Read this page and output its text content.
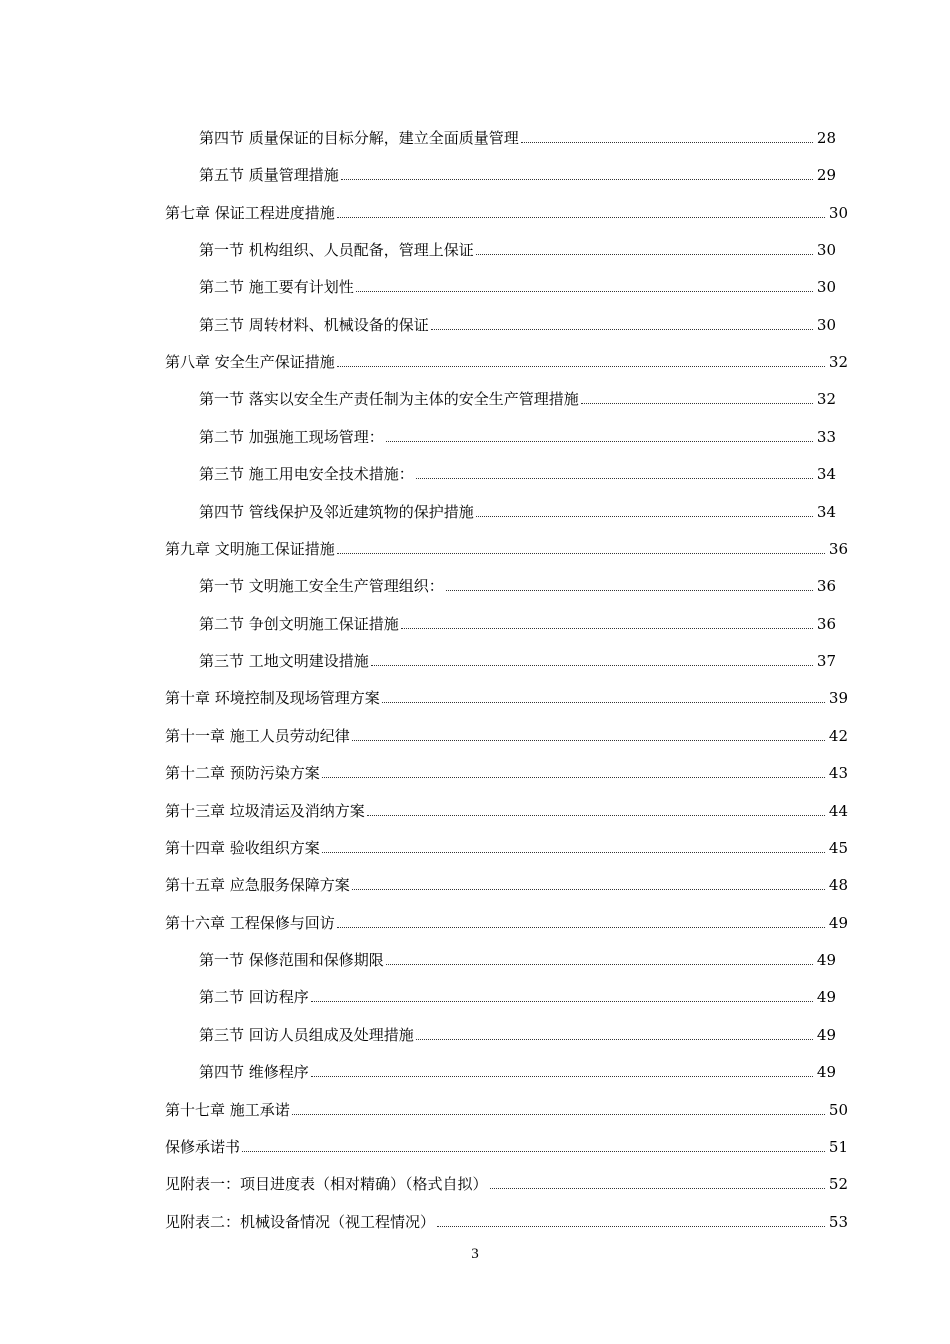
第四节 质量保证的目标分解，建立全面质量管理	28
第五节 质量管理措施	29
第七章 保证工程进度措施	30
第一节 机构组织、人员配备，管理上保证	30
第二节 施工要有计划性	30
第三节 周转材料、机械设备的保证	30
第八章 安全生产保证措施	32
第一节 落实以安全生产责任制为主体的安全生产管理措施	32
第二节 加强施工现场管理：	33
第三节 施工用电安全技术措施：	34
第四节 管线保护及邻近建筑物的保护措施	34
第九章 文明施工保证措施	36
第一节 文明施工安全生产管理组织：	36
第二节 争创文明施工保证措施	36
第三节 工地文明建设措施	37
第十章 环境控制及现场管理方案	39
第十一章 施工人员劳动纪律	42
第十二章 预防污染方案	43
第十三章 垃圾清运及消纳方案	44
第十四章 验收组织方案	45
第十五章 应急服务保障方案	48
第十六章 工程保修与回访	49
第一节 保修范围和保修期限	49
第二节 回访程序	49
第三节 回访人员组成及处理措施	49
第四节 维修程序	49
第十七章 施工承诺	50
保修承诺书	51
见附表一：项目进度表（相对精确）（格式自拟）	52
见附表二：机械设备情况（视工程情况）	53
3
